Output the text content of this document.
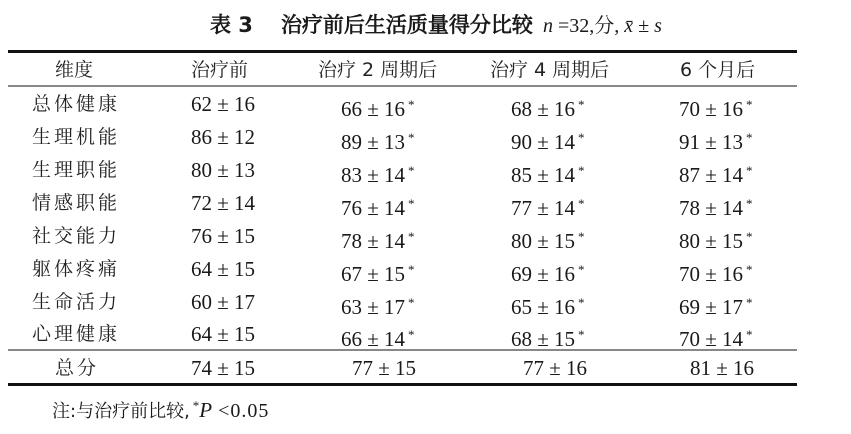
表 3 治疗前后生活质量得分比较 n =32,分, x̄ ± s
维度	治疗前	治疗 2 周期后	治疗 4 周期后	6 个月后
总体健康	62 ± 16	66 ± 16 *	68 ± 16 *	70 ± 16 *
生理机能	86 ± 12	89 ± 13 *	90 ± 14 *	91 ± 13 *
生理职能	80 ± 13	83 ± 14 *	85 ± 14 *	87 ± 14 *
情感职能	72 ± 14	76 ± 14 *	77 ± 14 *	78 ± 14 *
社交能力	76 ± 15	78 ± 14 *	80 ± 15 *	80 ± 15 *
躯体疼痛	64 ± 15	67 ± 15 *	69 ± 16 *	70 ± 16 *
生命活力	60 ± 17	63 ± 17 *	65 ± 16 *	69 ± 17 *
心理健康	64 ± 15	66 ± 14 *	68 ± 15 *	70 ± 14 *
总分	74 ± 15	77 ± 15	77 ± 16	81 ± 16
注:与治疗前比较, *P <0.05
